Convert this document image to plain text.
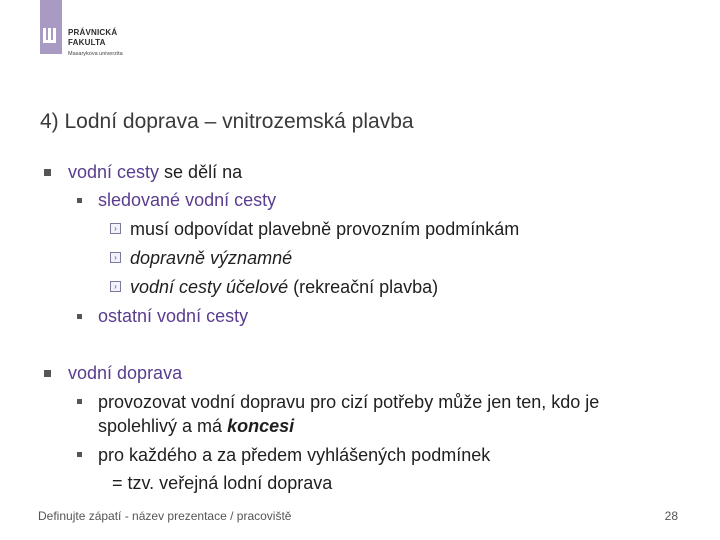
PRÁVNICKÁ
FAKULTA
Masarykova univerzita
4) Lodní doprava – vnitrozemská plavba
vodní cesty se dělí na
sledované vodní cesty
› musí odpovídat plavebně provozním podmínkám
› dopravně významné
› vodní cesty účelové (rekreační plavba)
ostatní vodní cesty
vodní doprava
provozovat vodní dopravu pro cizí potřeby může jen ten, kdo je
spolehlivý a má koncesi
pro každého a za předem vyhlášených podmínek
= tzv. veřejná lodní doprava
Definujte zápatí - název prezentace / pracoviště	28
